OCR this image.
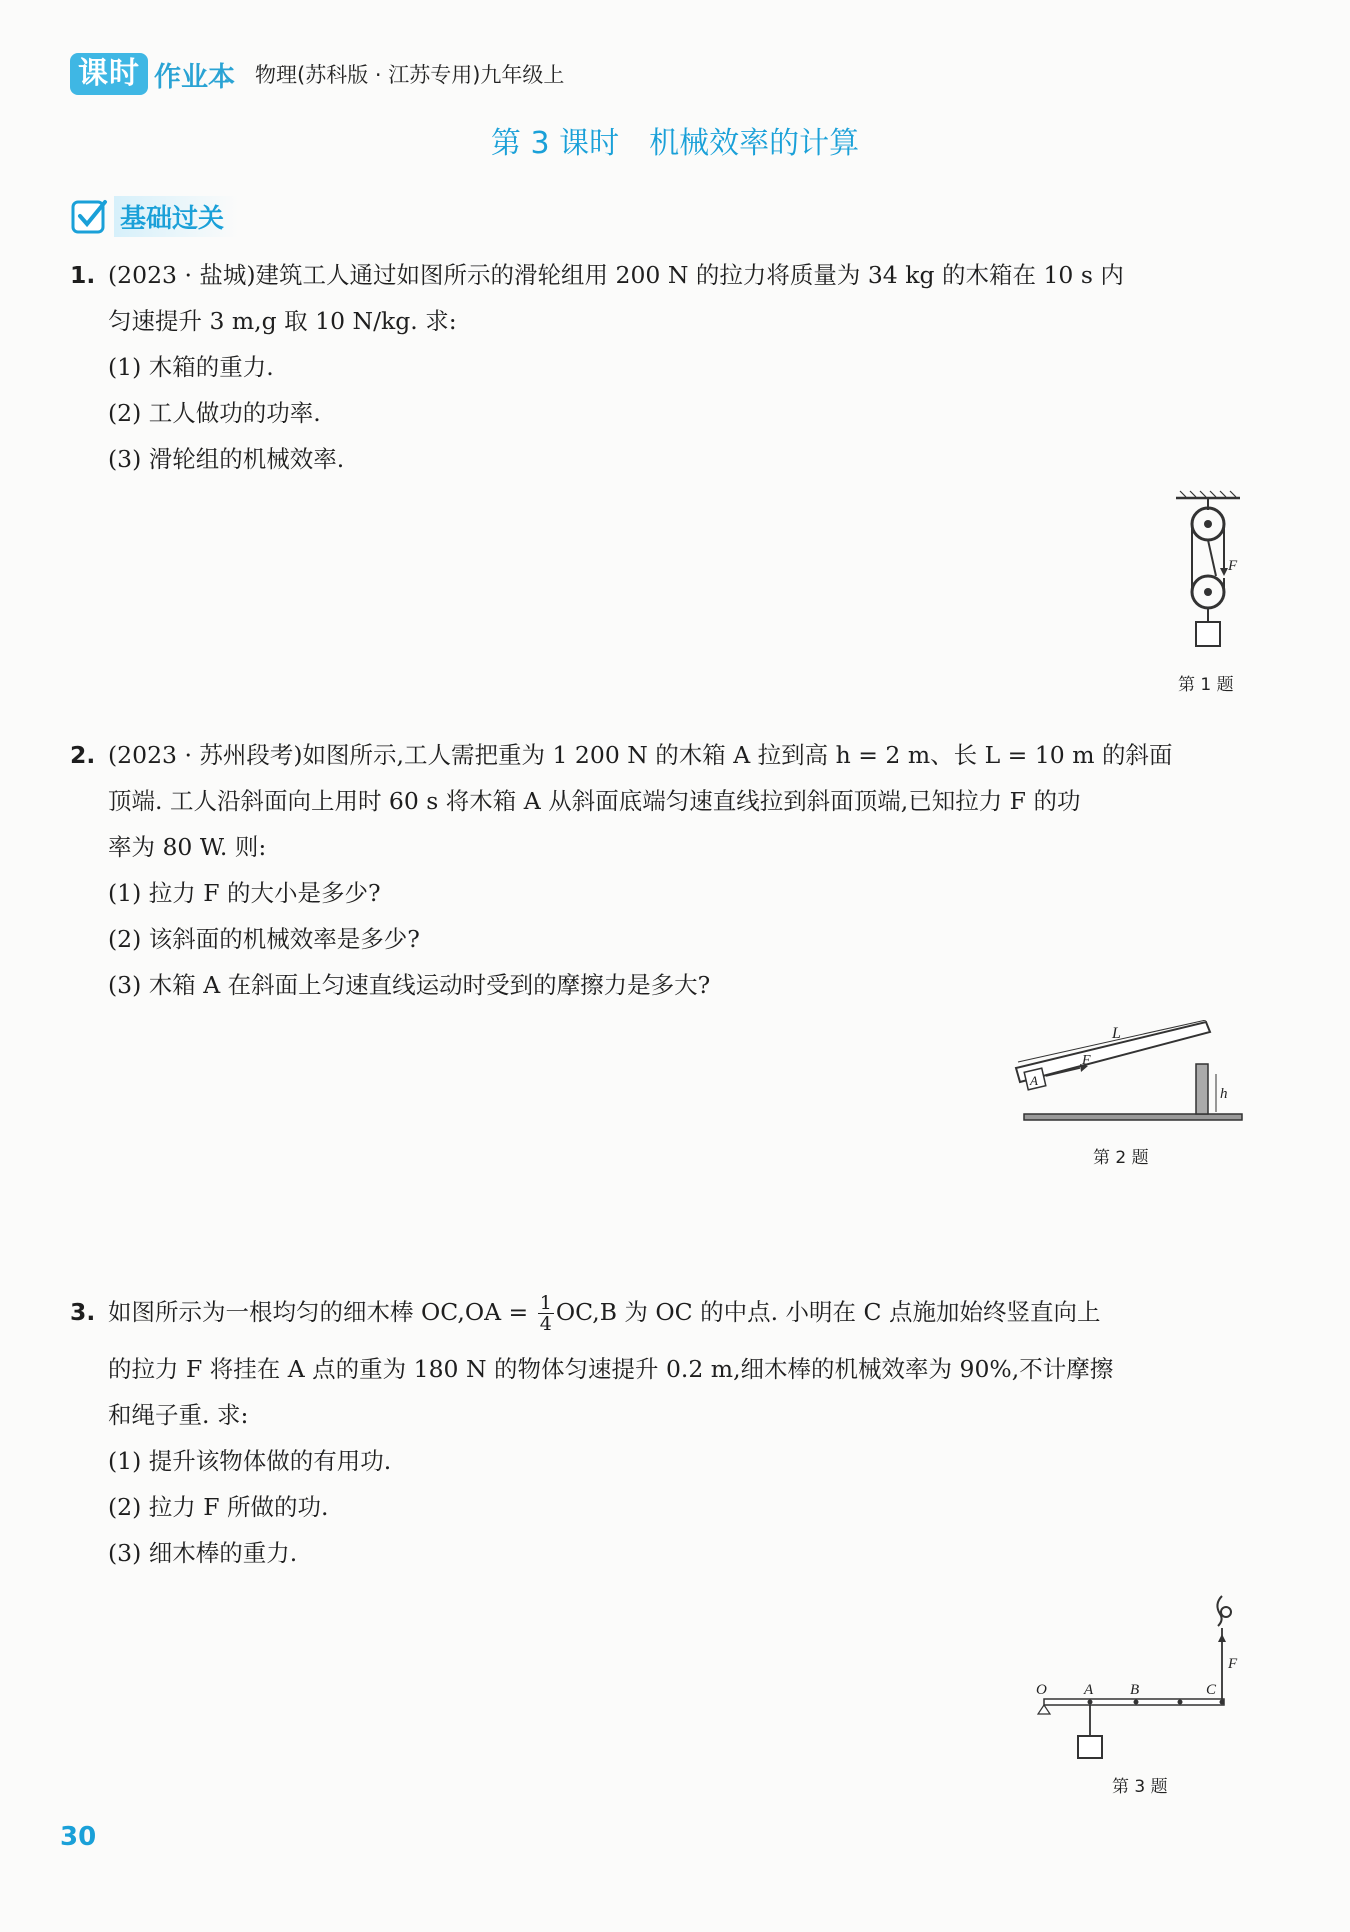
课时 作业本 物理(苏科版 · 江苏专用)九年级上
第 3 课时　机械效率的计算
基础过关
1. (2023 · 盐城)建筑工人通过如图所示的滑轮组用 200 N 的拉力将质量为 34 kg 的木箱在 10 s 内
匀速提升 3 m,g 取 10 N/kg. 求:
(1) 木箱的重力.
(2) 工人做功的功率.
(3) 滑轮组的机械效率.
F
第 1 题
2. (2023 · 苏州段考)如图所示,工人需把重为 1 200 N 的木箱 A 拉到高 h = 2 m、长 L = 10 m 的斜面
顶端. 工人沿斜面向上用时 60 s 将木箱 A 从斜面底端匀速直线拉到斜面顶端,已知拉力 F 的功
率为 80 W. 则:
(1) 拉力 F 的大小是多少?
(2) 该斜面的机械效率是多少?
(3) 木箱 A 在斜面上匀速直线运动时受到的摩擦力是多大?
L
A
F
h
第 2 题
3. 如图所示为一根均匀的细木棒 $OC,OA = \frac{1}{4} OC,B$ 为 OC 的中点. 小明在 C 点施加始终竖直向上
的拉力 F 将挂在 A 点的重为 180 N 的物体匀速提升 0.2 m,细木棒的机械效率为 90%,不计摩擦
和绳子重. 求:
(1) 提升该物体做的有用功.
(2) 拉力 F 所做的功.
(3) 细木棒的重力.
F
O A B	C
第 3 题
30
